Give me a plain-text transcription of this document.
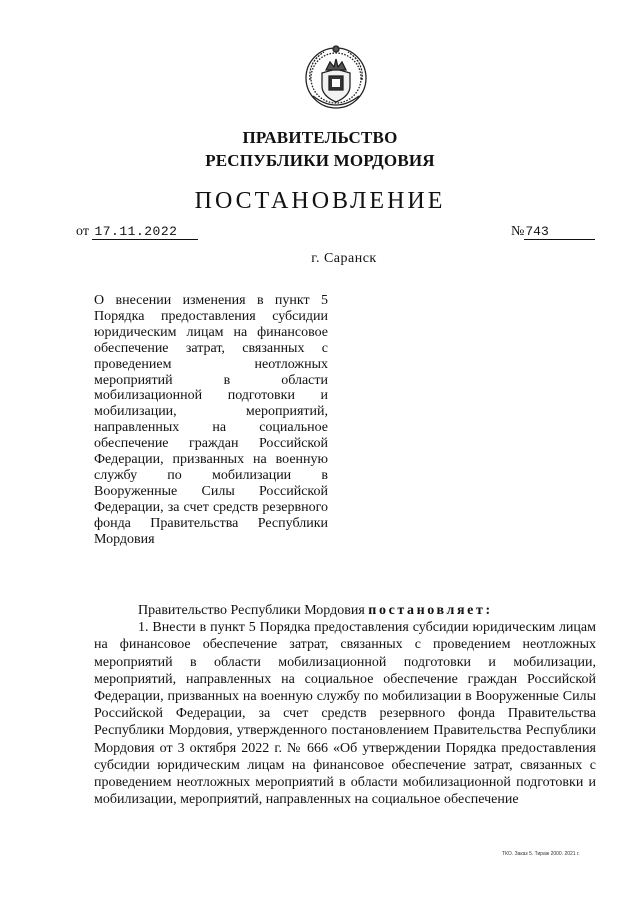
ПРАВИТЕЛЬСТВО
РЕСПУБЛИКИ МОРДОВИЯ
ПОСТАНОВЛЕНИЕ
от 17.11.2022	№743
г. Саранск

О внесении изменения в пункт 5 Порядка предоставления субсидии юридическим лицам на финансовое обеспечение затрат, связанных с проведением неотложных мероприятий в области мобилизационной подготовки и мобилизации, мероприятий, направленных на социальное обеспечение граждан Российской Федерации, призванных на военную службу по мобилизации в Вооруженные Силы Российской Федерации, за счет средств резервного фонда Правительства Республики Мордовия

Правительство Республики Мордовия постановляет:

1. Внести в пункт 5 Порядка предоставления субсидии юридическим лицам на финансовое обеспечение затрат, связанных с проведением неотложных мероприятий в области мобилизационной подготовки и мобилизации, мероприятий, направленных на социальное обеспечение граждан Российской Федерации, призванных на военную службу по мобилизации в Вооруженные Силы Российской Федерации, за счет средств резервного фонда Правительства Республики Мордовия, утвержденного постановлением Правительства Республики Мордовия от 3 октября 2022 г. № 666 «Об утверждении Порядка предоставления субсидии юридическим лицам на финансовое обеспечение затрат, связанных с проведением неотложных мероприятий в области мобилизационной подготовки и мобилизации, мероприятий, направленных на социальное обеспечение

ТКО. Заказ 5. Тираж 2000. 2021 г.
